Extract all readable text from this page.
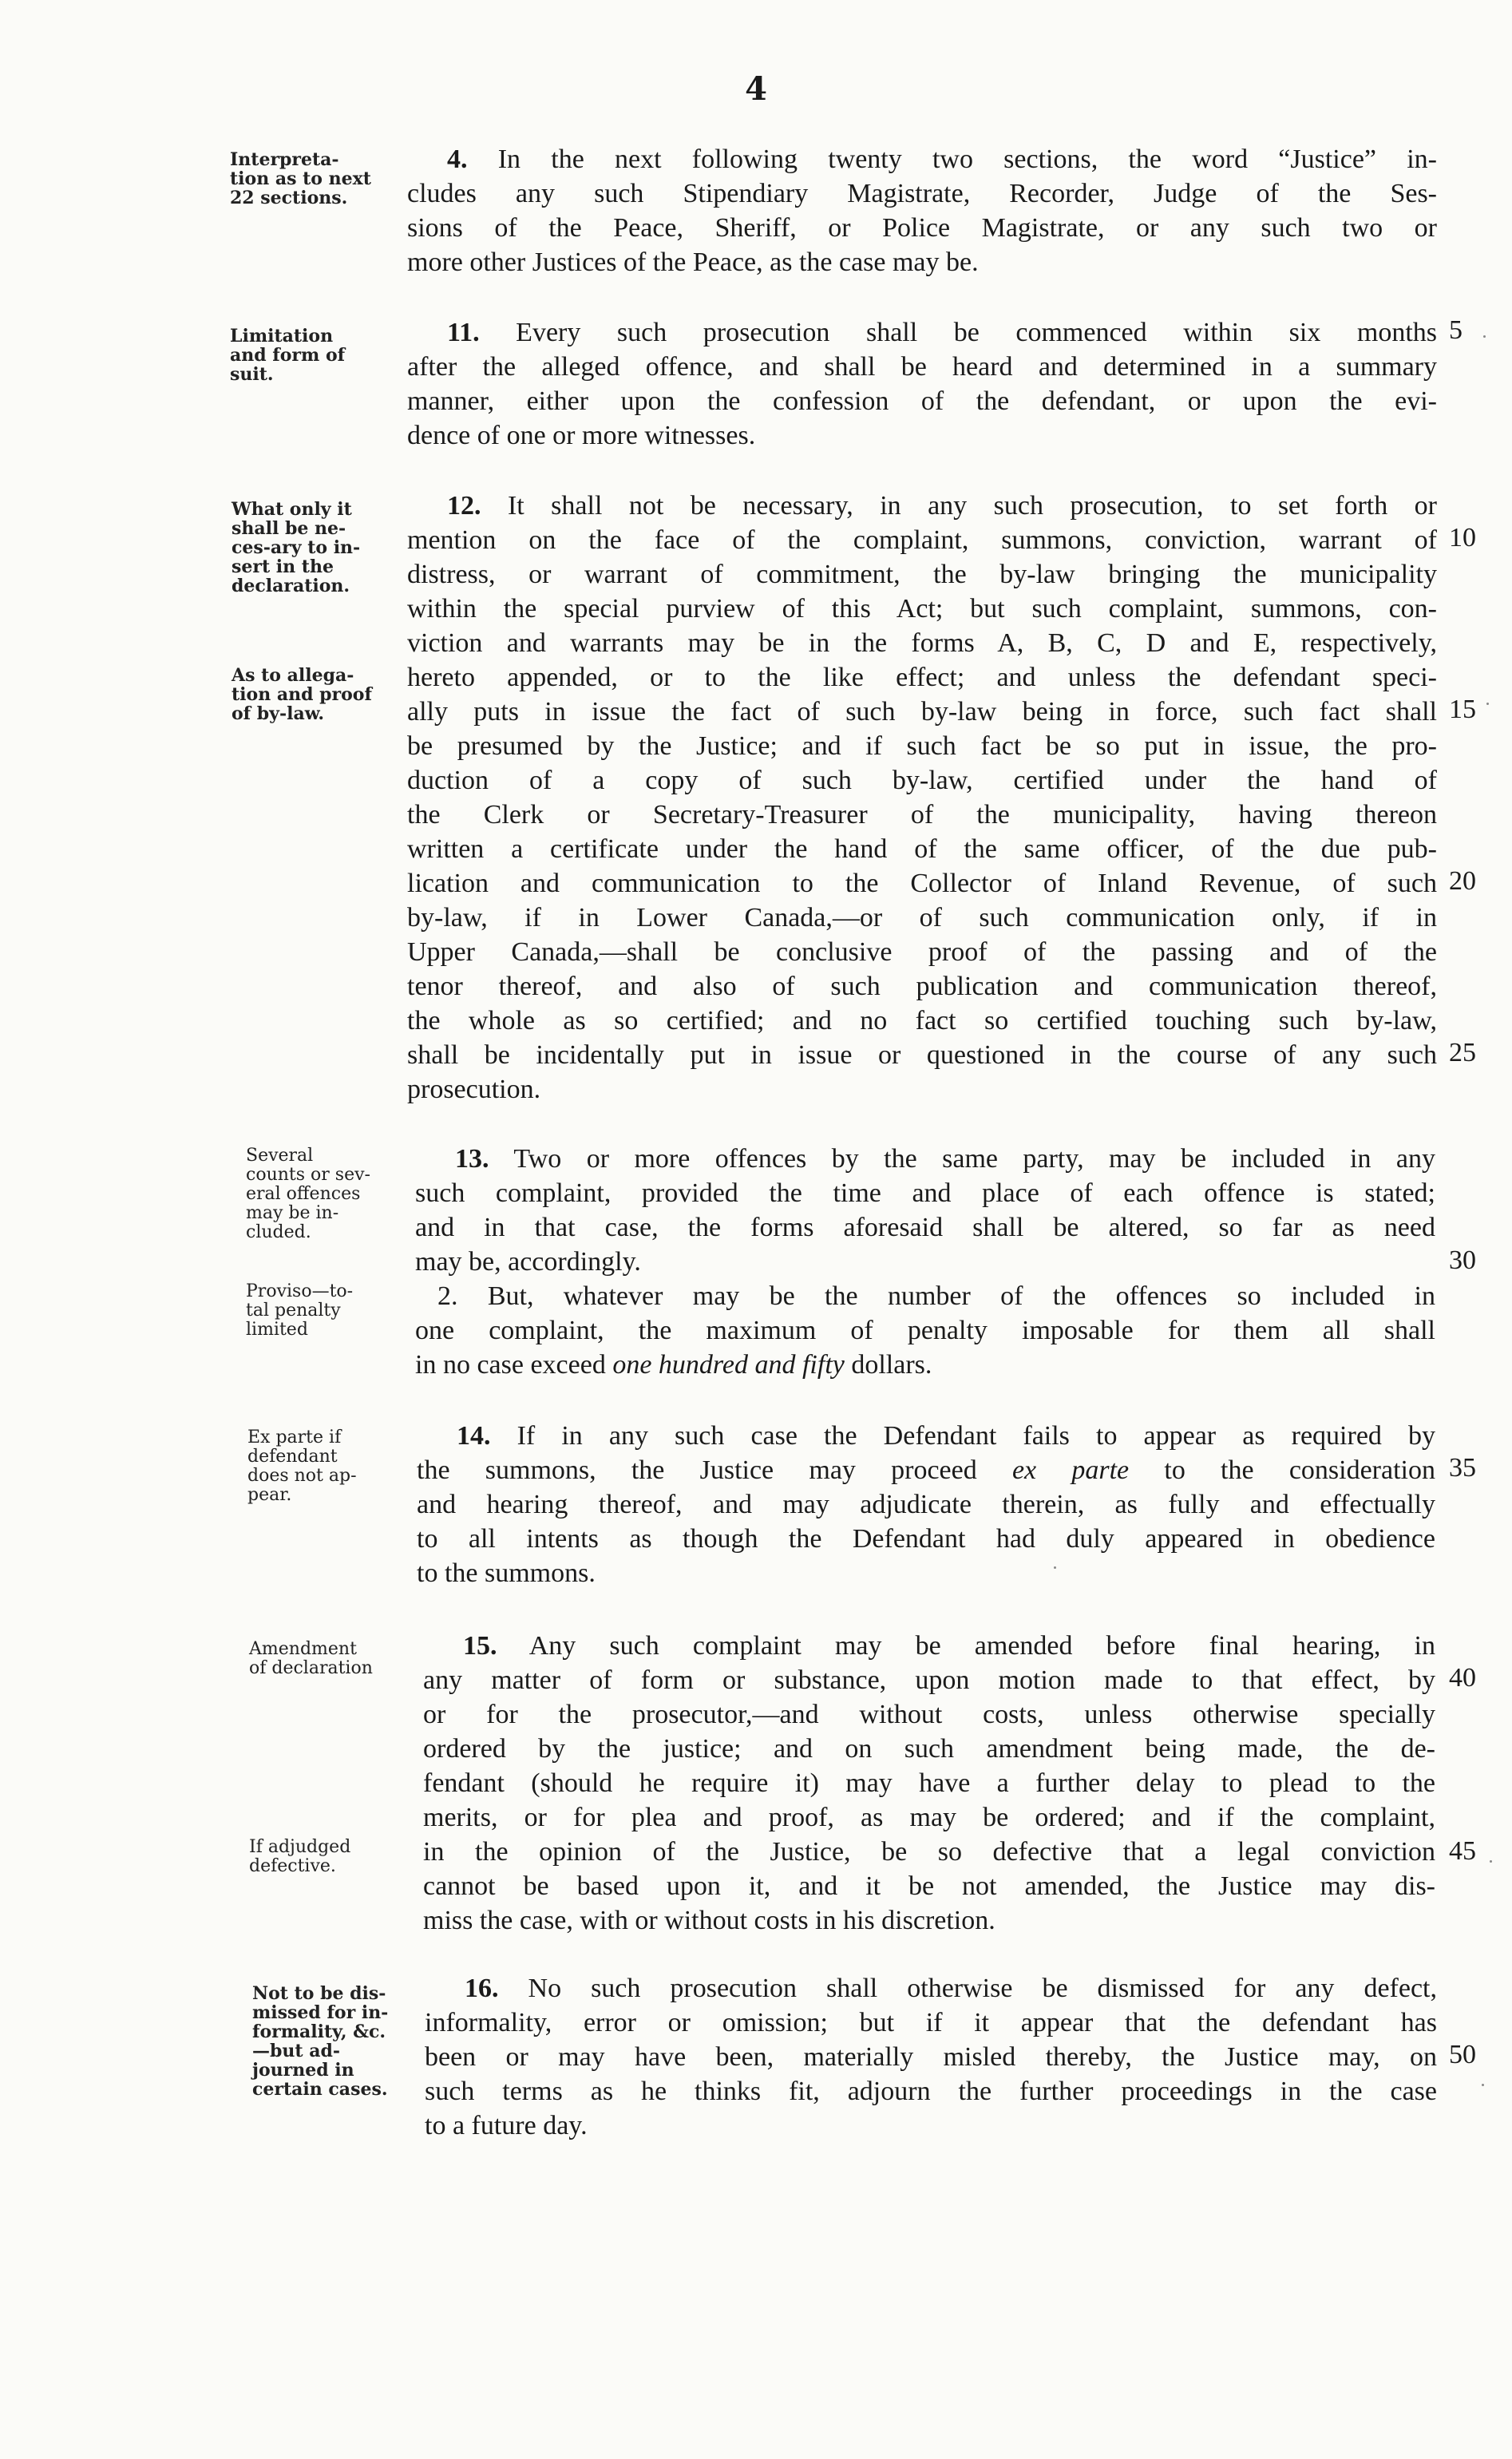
4
Interpreta-
tion as to next
22 sections.
4. In the next following twenty two sections, the word “Justice” in-
cludes any such Stipendiary Magistrate, Recorder, Judge of the Ses-
sions of the Peace, Sheriff, or Police Magistrate, or any such two or
more other Justices of the Peace, as the case may be.
Limitation
and form of
suit.
11. Every such prosecution shall be commenced within six months
after the alleged offence, and shall be heard and determined in a summary
manner, either upon the confession of the defendant, or upon the evi-
dence of one or more witnesses.
What only it
shall be ne-
ces-ary to in-
sert in the
declaration.
As to allega-
tion and proof
of by-law.
12. It shall not be necessary, in any such prosecution, to set forth or
mention on the face of the complaint, summons, conviction, warrant of
distress, or warrant of commitment, the by-law bringing the municipality
within the special purview of this Act; but such complaint, summons, con-
viction and warrants may be in the forms A, B, C, D and E, respectively,
hereto appended, or to the like effect; and unless the defendant speci-
ally puts in issue the fact of such by-law being in force, such fact shall
be presumed by the Justice; and if such fact be so put in issue, the pro-
duction of a copy of such by-law, certified under the hand of
the Clerk or Secretary-Treasurer of the municipality, having thereon
written a certificate under the hand of the same officer, of the due pub-
lication and communication to the Collector of Inland Revenue, of such
by-law, if in Lower Canada,—or of such communication only, if in
Upper Canada,—shall be conclusive proof of the passing and of the
tenor thereof, and also of such publication and communication thereof,
the whole as so certified; and no fact so certified touching such by-law,
shall be incidentally put in issue or questioned in the course of any such
prosecution.
Several
counts or sev-
eral offences
may be in-
cluded.
Proviso—to-
tal penalty
limited
13. Two or more offences by the same party, may be included in any
such complaint, provided the time and place of each offence is stated;
and in that case, the forms aforesaid shall be altered, so far as need
may be, accordingly.
2. But, whatever may be the number of the offences so included in
one complaint, the maximum of penalty imposable for them all shall
in no case exceed one hundred and fifty dollars.
Ex parte if
defendant
does not ap-
pear.
14. If in any such case the Defendant fails to appear as required by
the summons, the Justice may proceed ex parte to the consideration
and hearing thereof, and may adjudicate therein, as fully and effectually
to all intents as though the Defendant had duly appeared in obedience
to the summons.
Amendment
of declaration
If adjudged
defective.
15. Any such complaint may be amended before final hearing, in
any matter of form or substance, upon motion made to that effect, by
or for the prosecutor,—and without costs, unless otherwise specially
ordered by the justice; and on such amendment being made, the de-
fendant (should he require it) may have a further delay to plead to the
merits, or for plea and proof, as may be ordered; and if the complaint,
in the opinion of the Justice, be so defective that a legal conviction
cannot be based upon it, and it be not amended, the Justice may dis-
miss the case, with or without costs in his discretion.
Not to be dis-
missed for in-
formality, &c.
—but ad-
journed in
certain cases.
16. No such prosecution shall otherwise be dismissed for any defect,
informality, error or omission; but if it appear that the defendant has
been or may have been, materially misled thereby, the Justice may, on
such terms as he thinks fit, adjourn the further proceedings in the case
to a future day.
5
10
15
20
25
30
35
40
45
50
